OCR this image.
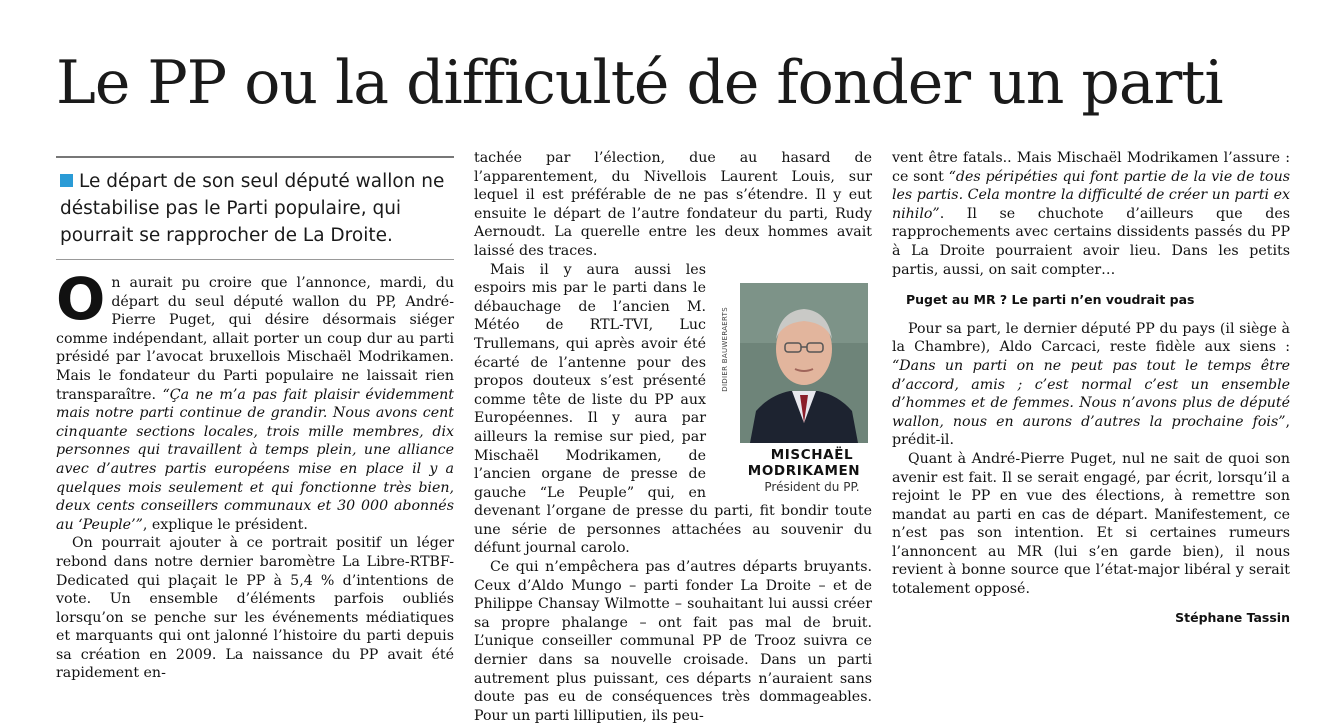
Le PP ou la difficulté de fonder un parti
Le départ de son seul député wallon ne déstabilise pas le Parti populaire, qui pourrait se rapprocher de La Droite.

On aurait pu croire que l’annonce, mardi, du départ du seul député wallon du PP, André-Pierre Puget, qui désire désormais siéger comme indépendant, allait porter un coup dur au parti présidé par l’avocat bruxellois Mischaël Modrikamen. Mais le fondateur du Parti populaire ne laissait rien transparaître. “Ça ne m’a pas fait plaisir évidemment mais notre parti continue de grandir. Nous avons cent cinquante sections locales, trois mille membres, dix personnes qui travaillent à temps plein, une alliance avec d’autres partis européens mise en place il y a quelques mois seulement et qui fonctionne très bien, deux cents conseillers communaux et 30 000 abonnés au ‘Peuple’”, explique le président.

On pourrait ajouter à ce portrait positif un léger rebond dans notre dernier baromètre La Libre-RTBF-Dedicated qui plaçait le PP à 5,4 % d’intentions de vote. Un ensemble d’éléments parfois oubliés lorsqu’on se penche sur les événements médiatiques et marquants qui ont jalonné l’histoire du parti depuis sa création en 2009. La naissance du PP avait été rapidement en-

tachée par l’élection, due au hasard de l’apparentement, du Nivellois Laurent Louis, sur lequel il est préférable de ne pas s’étendre. Il y eut ensuite le départ de l’autre fondateur du parti, Rudy Aernoudt. La querelle entre les deux hommes avait laissé des traces.

DIDIER BAUWERAERTS
MISCHAËL
MODRIKAMEN
Président du PP.
Mais il y aura aussi les espoirs mis par le parti dans le débauchage de l’ancien M. Météo de RTL-TVI, Luc Trullemans, qui après avoir été écarté de l’antenne pour des propos douteux s’est présenté comme tête de liste du PP aux Européennes. Il y aura par ailleurs la remise sur pied, par Mischaël Modrikamen, de l’ancien organe de presse de gauche “Le Peuple” qui, en devenant l’organe de presse du parti, fit bondir toute une série de personnes attachées au souvenir du défunt journal carolo.

Ce qui n’empêchera pas d’autres départs bruyants. Ceux d’Aldo Mungo – parti fonder La Droite – et de Philippe Chansay Wilmotte – souhaitant lui aussi créer sa propre phalange – ont fait pas mal de bruit. L’unique conseiller communal PP de Trooz suivra ce dernier dans sa nouvelle croisade. Dans un parti autrement plus puissant, ces départs n’auraient sans doute pas eu de conséquences très dommageables. Pour un parti lilliputien, ils peu-

vent être fatals.. Mais Mischaël Modrikamen l’assure : ce sont “des péripéties qui font partie de la vie de tous les partis. Cela montre la difficulté de créer un parti ex nihilo”. Il se chuchote d’ailleurs que des rapprochements avec certains dissidents passés du PP à La Droite pourraient avoir lieu. Dans les petits partis, aussi, on sait compter…

Puget au MR ? Le parti n’en voudrait pas

Pour sa part, le dernier député PP du pays (il siège à la Chambre), Aldo Carcaci, reste fidèle aux siens : “Dans un parti on ne peut pas tout le temps être d’accord, amis ; c’est normal c’est un ensemble d’hommes et de femmes. Nous n’avons plus de député wallon, nous en aurons d’autres la prochaine fois”, prédit-il.

Quant à André-Pierre Puget, nul ne sait de quoi son avenir est fait. Il se serait engagé, par écrit, lorsqu’il a rejoint le PP en vue des élections, à remettre son mandat au parti en cas de départ. Manifestement, ce n’est pas son intention. Et si certaines rumeurs l’annoncent au MR (lui s’en garde bien), il nous revient à bonne source que l’état-major libéral y serait totalement opposé.

Stéphane Tassin
